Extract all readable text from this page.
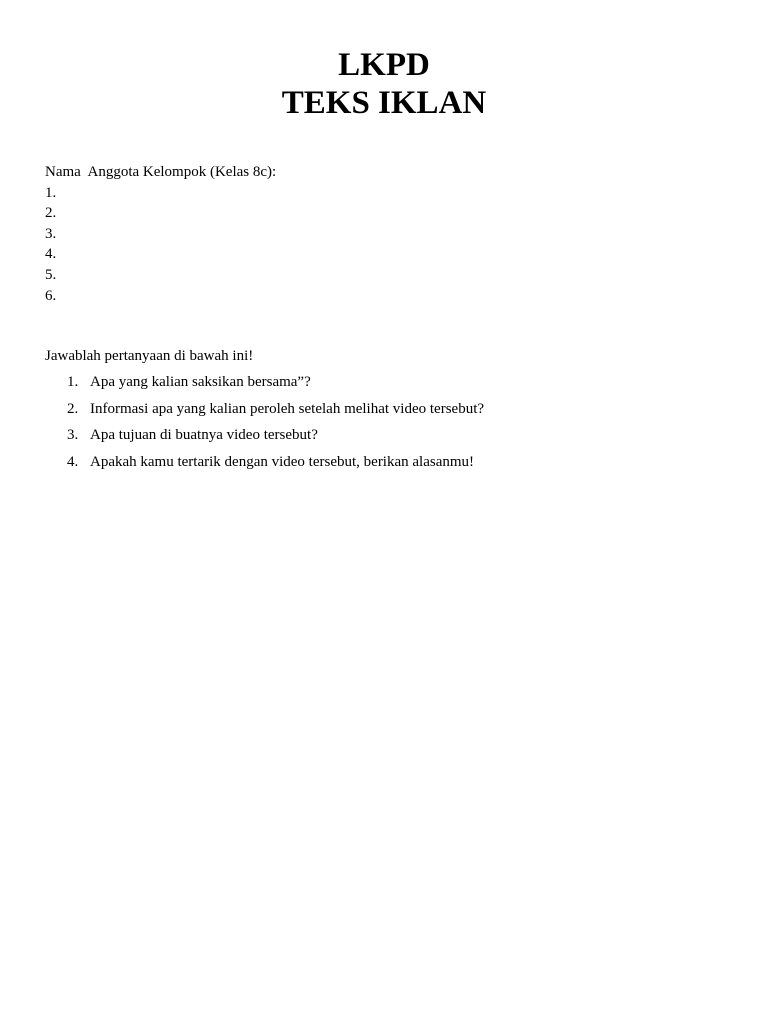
LKPD
TEKS IKLAN
Nama  Anggota Kelompok (Kelas 8c):
1.
2.
3.
4.
5.
6.
Jawablah pertanyaan di bawah ini!
1. Apa yang kalian saksikan bersama”?
2. Informasi apa yang kalian peroleh setelah melihat video tersebut?
3. Apa tujuan di buatnya video tersebut?
4. Apakah kamu tertarik dengan video tersebut, berikan alasanmu!
